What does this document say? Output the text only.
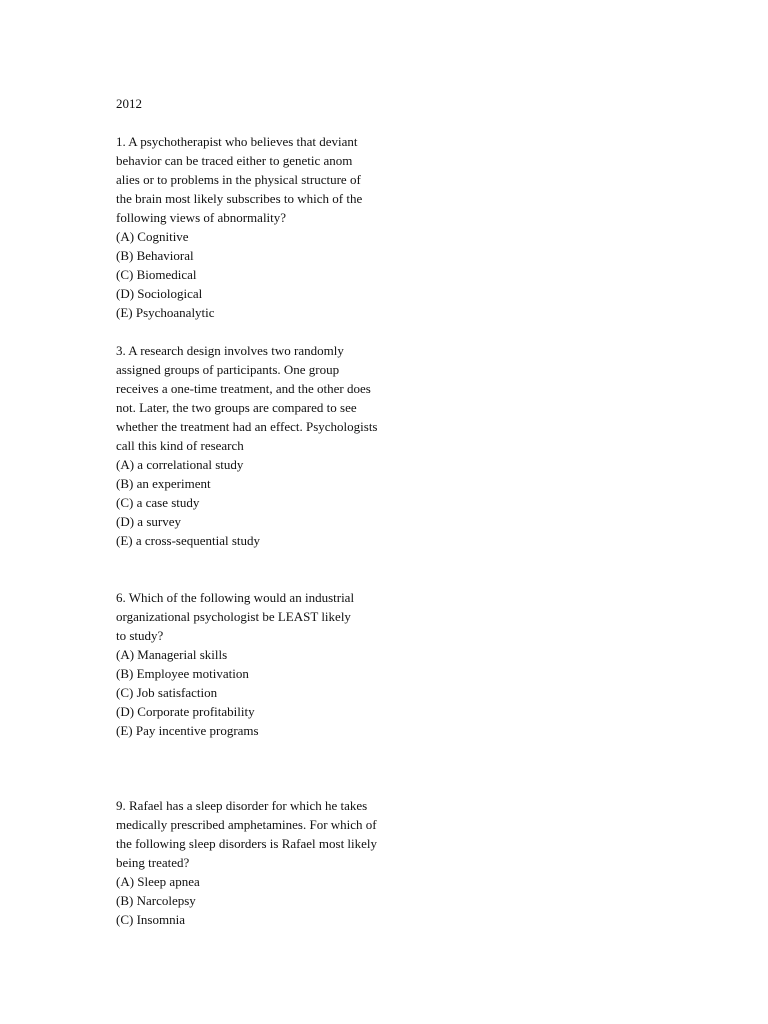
2012
1. A psychotherapist who believes that deviant
behavior can be traced either to genetic anom
alies or to problems in the physical structure of
the brain most likely subscribes to which of the
following views of abnormality?
(A) Cognitive
(B) Behavioral
(C) Biomedical
(D) Sociological
(E) Psychoanalytic
3. A research design involves two randomly
assigned groups of participants. One group
receives a one-time treatment, and the other does
not. Later, the two groups are compared to see
whether the treatment had an effect. Psychologists
call this kind of research
(A) a correlational study
(B) an experiment
(C) a case study
(D) a survey
(E) a cross-sequential study
6. Which of the following would an industrial
organizational psychologist be LEAST likely
to study?
(A) Managerial skills
(B) Employee motivation
(C) Job satisfaction
(D) Corporate profitability
(E) Pay incentive programs
9. Rafael has a sleep disorder for which he takes
medically prescribed amphetamines. For which of
the following sleep disorders is Rafael most likely
being treated?
(A) Sleep apnea
(B) Narcolepsy
(C) Insomnia
